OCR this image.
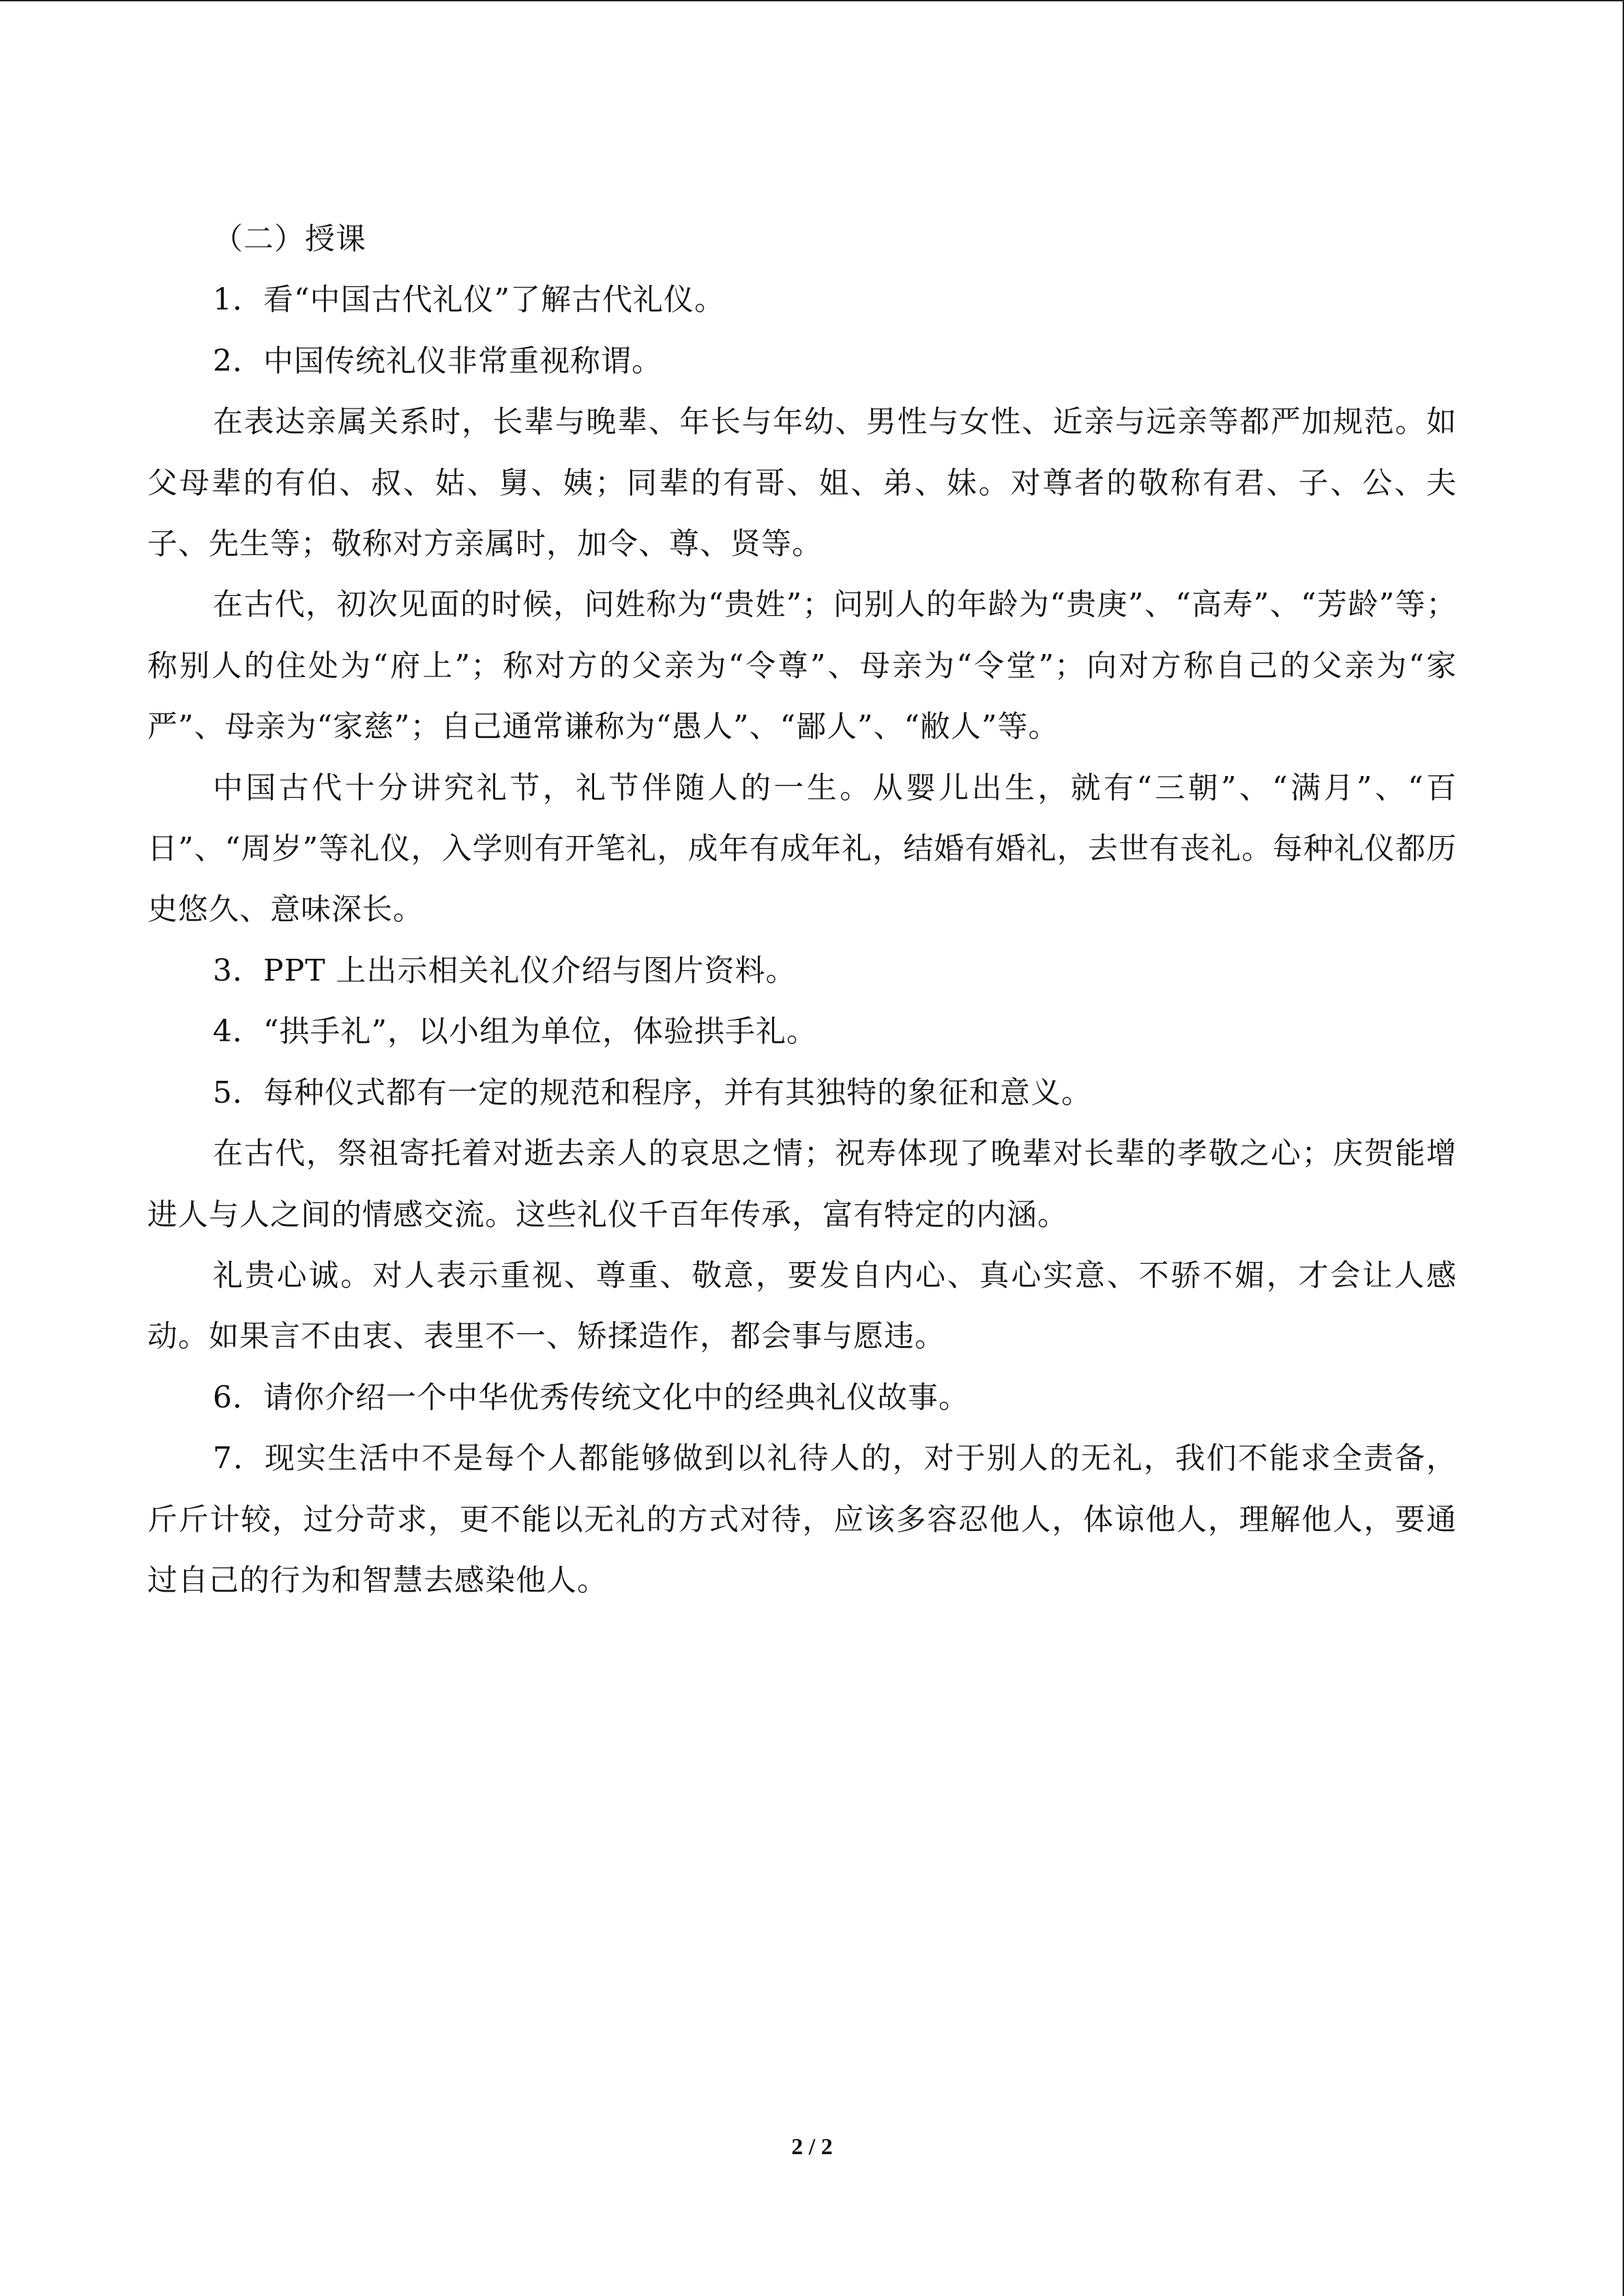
（二）授课

1．看“中国古代礼仪”了解古代礼仪。

2．中国传统礼仪非常重视称谓。

在表达亲属关系时，长辈与晚辈、年长与年幼、男性与女性、近亲与远亲等都严加规范。如父母辈的有伯、叔、姑、舅、姨；同辈的有哥、姐、弟、妹。对尊者的敬称有君、子、公、夫子、先生等；敬称对方亲属时，加令、尊、贤等。

在古代，初次见面的时候，问姓称为“贵姓”；问别人的年龄为“贵庚”、“高寿”、“芳龄”等；称别人的住处为“府上”；称对方的父亲为“令尊”、母亲为“令堂”；向对方称自己的父亲为“家严”、母亲为“家慈”；自己通常谦称为“愚人”、“鄙人”、“敝人”等。

中国古代十分讲究礼节，礼节伴随人的一生。从婴儿出生，就有“三朝”、“满月”、“百日”、“周岁”等礼仪，入学则有开笔礼，成年有成年礼，结婚有婚礼，去世有丧礼。每种礼仪都历史悠久、意味深长。

3．PPT 上出示相关礼仪介绍与图片资料。

4．“拱手礼”，以小组为单位，体验拱手礼。

5．每种仪式都有一定的规范和程序，并有其独特的象征和意义。

在古代，祭祖寄托着对逝去亲人的哀思之情；祝寿体现了晚辈对长辈的孝敬之心；庆贺能增进人与人之间的情感交流。这些礼仪千百年传承，富有特定的内涵。

礼贵心诚。对人表示重视、尊重、敬意，要发自内心、真心实意、不骄不媚，才会让人感动。如果言不由衷、表里不一、矫揉造作，都会事与愿违。

6．请你介绍一个中华优秀传统文化中的经典礼仪故事。

7．现实生活中不是每个人都能够做到以礼待人的，对于别人的无礼，我们不能求全责备，斤斤计较，过分苛求，更不能以无礼的方式对待，应该多容忍他人，体谅他人，理解他人，要通过自己的行为和智慧去感染他人。

2 / 2
